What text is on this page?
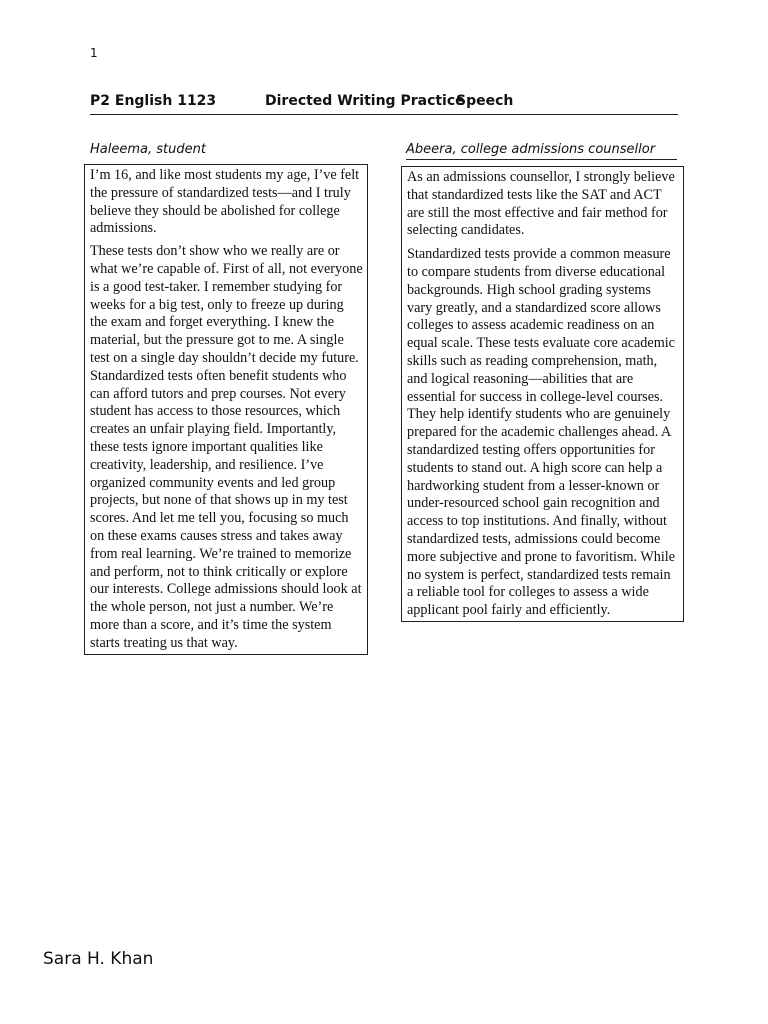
1
P2 English 1123	Directed Writing Practice
Speech
Haleema, student	Abeera, college admissions counsellor

I’m 16, and like most students my age, I’ve felt the pressure of standardized tests—and I truly believe they should be abolished for college admissions.

These tests don’t show who we really are or what we’re capable of. First of all, not everyone is a good test-taker. I remember studying for weeks for a big test, only to freeze up during the exam and forget everything. I knew the material, but the pressure got to me. A single test on a single day shouldn’t decide my future. Standardized tests often benefit students who can afford tutors and prep courses. Not every student has access to those resources, which creates an unfair playing field. Importantly, these tests ignore important qualities like creativity, leadership, and resilience. I’ve organized community events and led group projects, but none of that shows up in my test scores. And let me tell you, focusing so much on these exams causes stress and takes away from real learning. We’re trained to memorize and perform, not to think critically or explore our interests. College admissions should look at the whole person, not just a number. We’re more than a score, and it’s time the system starts treating us that way.

As an admissions counsellor, I strongly believe that standardized tests like the SAT and ACT are still the most effective and fair method for selecting candidates.

Standardized tests provide a common measure to compare students from diverse educational backgrounds. High school grading systems vary greatly, and a standardized score allows colleges to assess academic readiness on an equal scale. These tests evaluate core academic skills such as reading comprehension, math, and logical reasoning—abilities that are essential for success in college-level courses. They help identify students who are genuinely prepared for the academic challenges ahead. A standardized testing offers opportunities for students to stand out. A high score can help a hardworking student from a lesser-known or under-resourced school gain recognition and access to top institutions. And finally, without standardized tests, admissions could become more subjective and prone to favoritism. While no system is perfect, standardized tests remain a reliable tool for colleges to assess a wide applicant pool fairly and efficiently.

Sara H. Khan
